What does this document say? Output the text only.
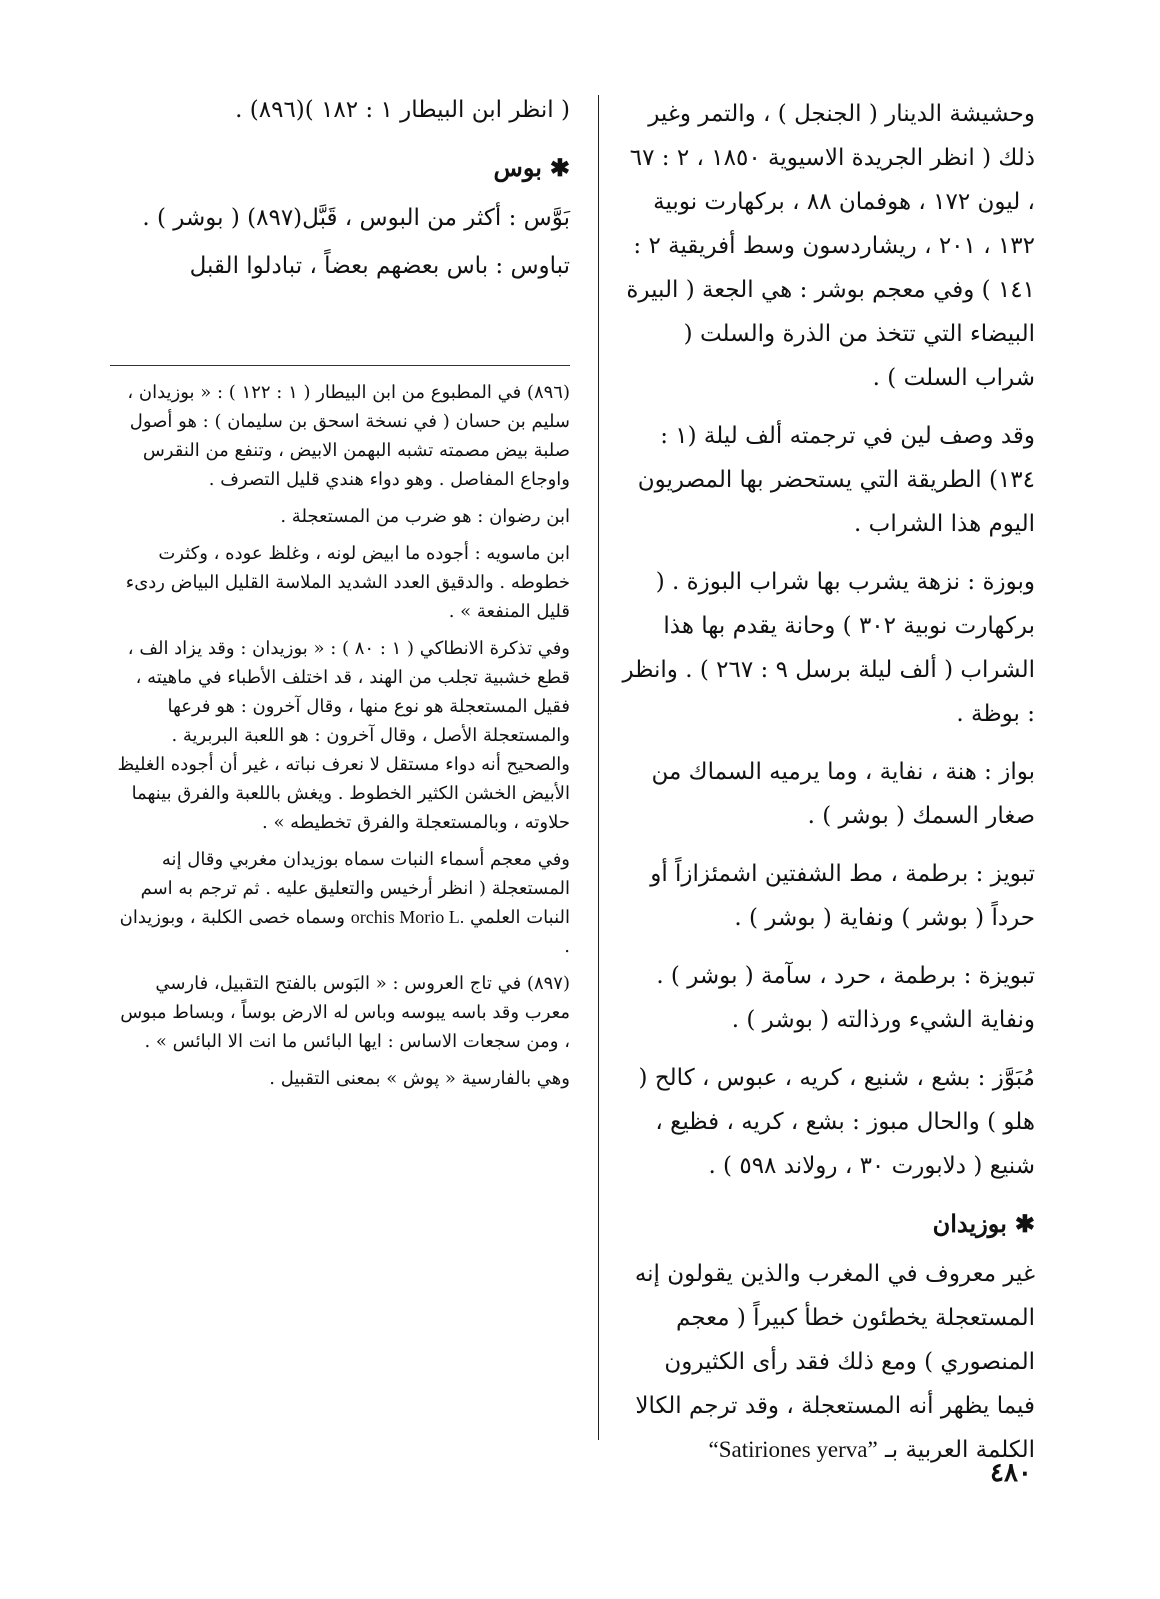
وحشيشة الدينار ( الجنجل ) ، والتمر وغير ذلك ( انظر الجريدة الاسيوية ١٨٥٠ ، ٢ : ٦٧ ، ليون ١٧٢ ، هوفمان ٨٨ ، بركهارت نوبية ١٣٢ ، ٢٠١ ، ريشاردسون وسط أفريقية ٢ : ١٤١ ) وفي معجم بوشر : هي الجعة ( البيرة البيضاء التي تتخذ من الذرة والسلت ( شراب السلت ) .

وقد وصف لين في ترجمته ألف ليلة (١ : ١٣٤) الطريقة التي يستحضر بها المصريون اليوم هذا الشراب .

وبوزة : نزهة يشرب بها شراب البوزة . ( بركهارت نوبية ٣٠٢ ) وحانة يقدم بها هذا الشراب ( ألف ليلة برسل ٩ : ٢٦٧ ) . وانظر : بوظة .

بواز : هنة ، نفاية ، وما يرميه السماك من صغار السمك ( بوشر ) .

تبويز : برطمة ، مط الشفتين اشمئزازاً أو حرداً ( بوشر ) ونفاية ( بوشر ) .

تبويزة : برطمة ، حرد ، سآمة ( بوشر ) . ونفاية الشيء ورذالته ( بوشر ) .

مُبَوَّز : بشع ، شنيع ، كريه ، عبوس ، كالح ( هلو ) والحال مبوز : بشع ، كريه ، فظيع ، شنيع ( دلابورت ٣٠ ، رولاند ٥٩٨ ) .

✱بوزيدان

غير معروف في المغرب والذين يقولون إنه المستعجلة يخطئون خطأ كبيراً ( معجم المنصوري ) ومع ذلك فقد رأى الكثيرون فيما يظهر أنه المستعجلة ، وقد ترجم الكالا الكلمة العربية بـ “Satiriones yerva”

( انظر ابن البيطار ١ : ١٨٢ )(٨٩٦) .

✱بوس

بَوَّس : أكثر من البوس ، قَبَّل(٨٩٧) ( بوشر ) .

تباوس : باس بعضهم بعضاً ، تبادلوا القبل

(٨٩٦) في المطبوع من ابن البيطار ( ١ : ١٢٢ ) : « بوزيدان ، سليم بن حسان ( في نسخة اسحق بن سليمان ) : هو أصول صلبة بيض مصمته تشبه البهمن الابيض ، وتنفع من النقرس واوجاع المفاصل . وهو دواء هندي قليل التصرف .

ابن رضوان : هو ضرب من المستعجلة .

ابن ماسويه : أجوده ما ابيض لونه ، وغلظ عوده ، وكثرت خطوطه . والدقيق العدد الشديد الملاسة القليل البياض ردىء قليل المنفعة » .

وفي تذكرة الانطاكي ( ١ : ٨٠ ) : « بوزيدان : وقد يزاد الف ، قطع خشبية تجلب من الهند ، قد اختلف الأطباء في ماهيته ، فقيل المستعجلة هو نوع منها ، وقال آخرون : هو فرعها والمستعجلة الأصل ، وقال آخرون : هو اللعبة البربرية . والصحيح أنه دواء مستقل لا نعرف نباته ، غير أن أجوده الغليظ الأبيض الخشن الكثير الخطوط . ويغش باللعبة والفرق بينهما حلاوته ، وبالمستعجلة والفرق تخطيطه » .

وفي معجم أسماء النبات سماه بوزيدان مغربي وقال إنه المستعجلة ( انظر أرخيس والتعليق عليه . ثم ترجم به اسم النبات العلمي orchis Morio L. وسماه خصى الكلبة ، وبوزيدان .

(٨٩٧) في تاج العروس : « البَوس بالفتح التقبيل، فارسي معرب وقد باسه يبوسه وباس له الارض بوساً ، وبساط مبوس ، ومن سجعات الاساس : ايها البائس ما انت الا البائس » .

وهي بالفارسية « پوش » بمعنى التقبيل .

٤٨٠
